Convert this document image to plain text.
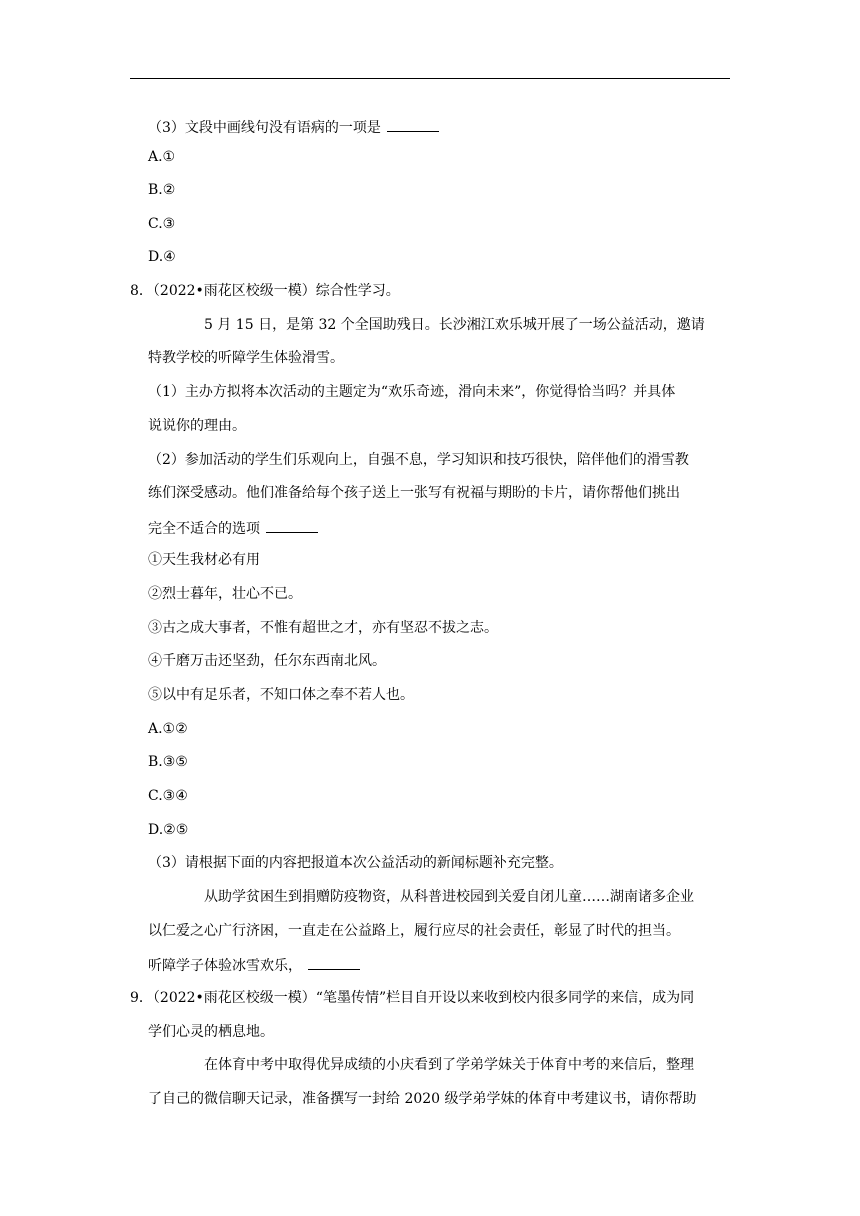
（3）文段中画线句没有语病的一项是
A.①
B.②
C.③
D.④
8．（2022•雨花区校级一模）综合性学习。
5 月 15 日，是第 32 个全国助残日。长沙湘江欢乐城开展了一场公益活动，邀请
特教学校的听障学生体验滑雪。
（1）主办方拟将本次活动的主题定为“欢乐奇迹，滑向未来”，你觉得恰当吗？并具体
说说你的理由。
（2）参加活动的学生们乐观向上，自强不息，学习知识和技巧很快，陪伴他们的滑雪教
练们深受感动。他们准备给每个孩子送上一张写有祝福与期盼的卡片，请你帮他们挑出
完全不适合的选项
①天生我材必有用
②烈士暮年，壮心不已。
③古之成大事者，不惟有超世之才，亦有坚忍不拔之志。
④千磨万击还坚劲，任尔东西南北风。
⑤以中有足乐者，不知口体之奉不若人也。
A.①②
B.③⑤
C.③④
D.②⑤
（3）请根据下面的内容把报道本次公益活动的新闻标题补充完整。
从助学贫困生到捐赠防疫物资，从科普进校园到关爱自闭儿童……湖南诸多企业
以仁爱之心广行济困，一直走在公益路上，履行应尽的社会责任，彰显了时代的担当。
听障学子体验冰雪欢乐，
9．（2022•雨花区校级一模）“笔墨传情”栏目自开设以来收到校内很多同学的来信，成为同
学们心灵的栖息地。
在体育中考中取得优异成绩的小庆看到了学弟学妹关于体育中考的来信后，整理
了自己的微信聊天记录，准备撰写一封给 2020 级学弟学妹的体育中考建议书，请你帮助
